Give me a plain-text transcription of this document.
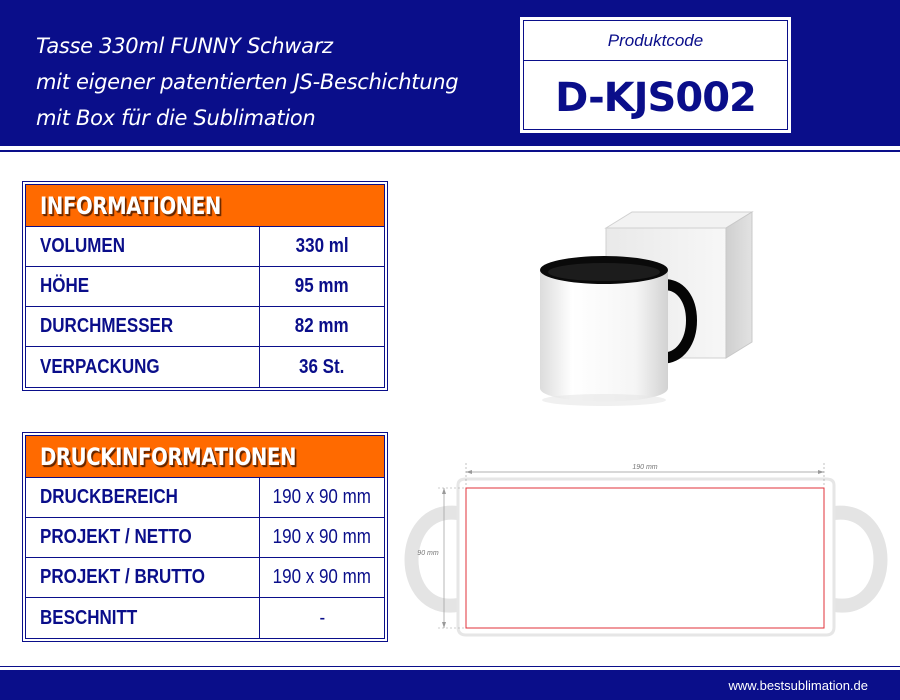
Tasse 330ml FUNNY Schwarz
mit eigener patentierten JS-Beschichtung
mit Box für die Sublimation
Produktcode
D-KJS002
INFORMATIONEN
VOLUMEN	330 ml
HÖHE	95 mm
DURCHMESSER	82 mm
VERPACKUNG	36 St.
DRUCKINFORMATIONEN
DRUCKBEREICH	190 x 90 mm
PROJEKT / NETTO	190 x 90 mm
PROJEKT / BRUTTO	190 x 90 mm
BESCHNITT	-
190 mm
90 mm
www.bestsublimation.de
